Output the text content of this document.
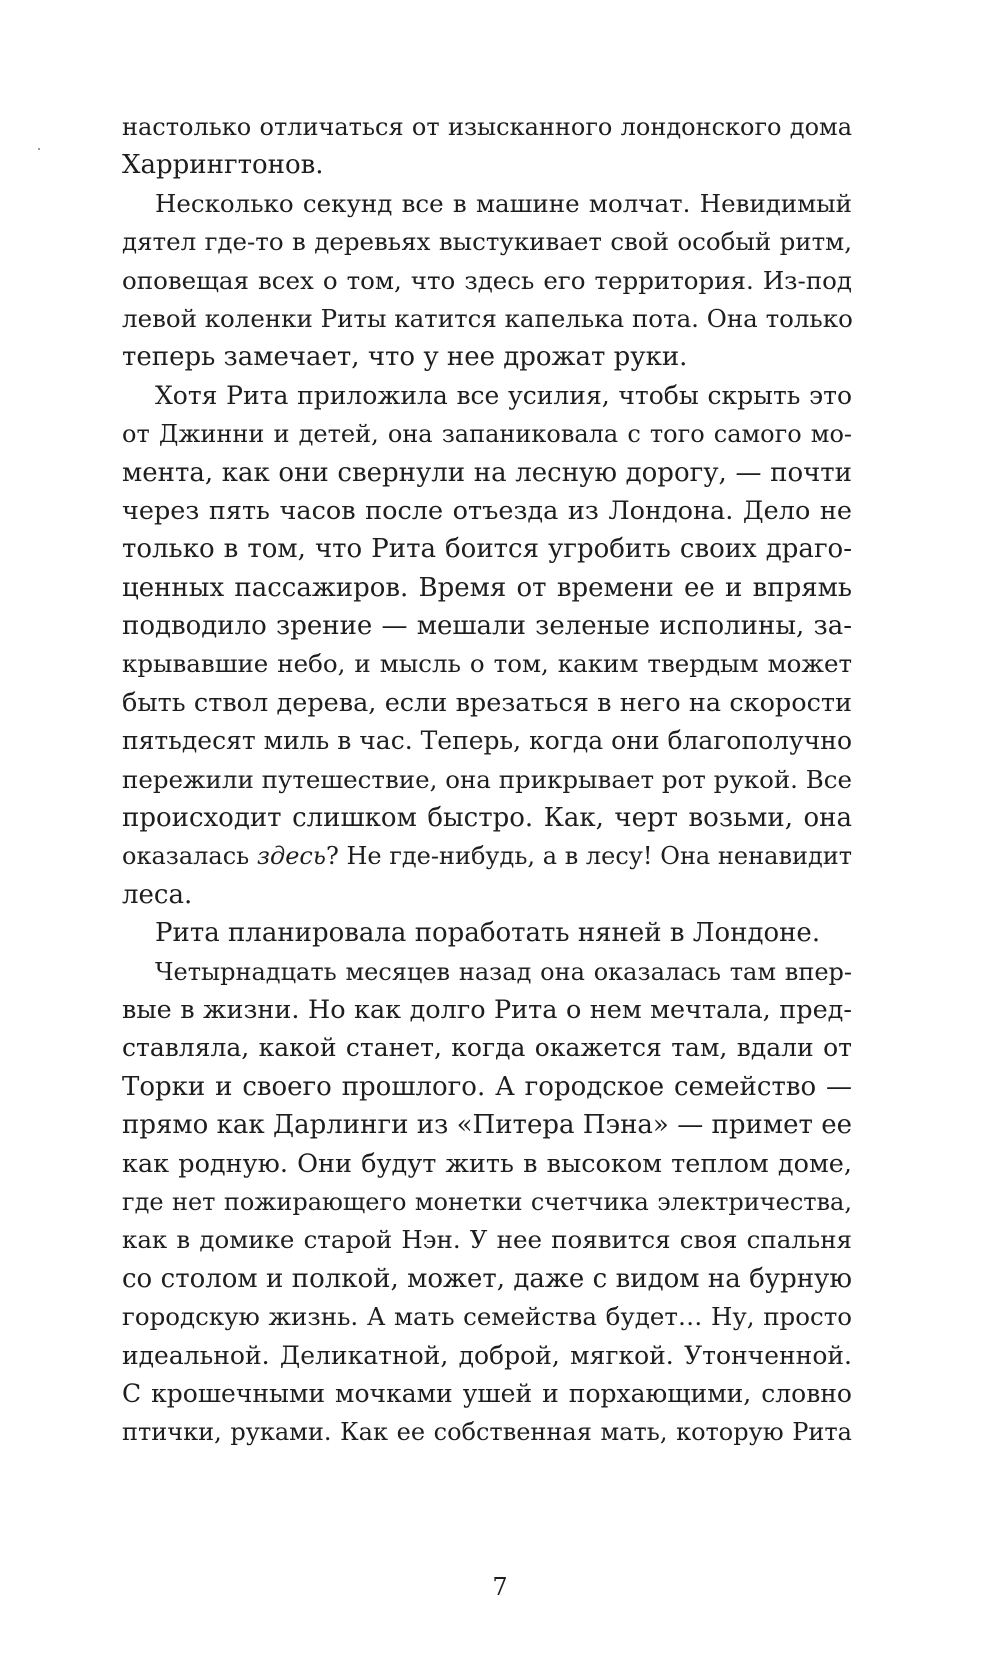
настолько отличаться от изысканного лондонского дома
Харрингтонов.
Несколько секунд все в машине молчат. Невидимый
дятел где-то в деревьях выстукивает свой особый ритм,
оповещая всех о том, что здесь его территория. Из-под
левой коленки Риты катится капелька пота. Она только
теперь замечает, что у нее дрожат руки.
Хотя Рита приложила все усилия, чтобы скрыть это
от Джинни и детей, она запаниковала с того самого мо-
мента, как они свернули на лесную дорогу, — почти
через пять часов после отъезда из Лондона. Дело не
только в том, что Рита боится угробить своих драго-
ценных пассажиров. Время от времени ее и впрямь
подводило зрение — мешали зеленые исполины, за-
крывавшие небо, и мысль о том, каким твердым может
быть ствол дерева, если врезаться в него на скорости
пятьдесят миль в час. Теперь, когда они благополучно
пережили путешествие, она прикрывает рот рукой. Все
происходит слишком быстро. Как, черт возьми, она
оказалась здесь? Не где-нибудь, а в лесу! Она ненавидит
леса.
Рита планировала поработать няней в Лондоне.
Четырнадцать месяцев назад она оказалась там впер-
вые в жизни. Но как долго Рита о нем мечтала, пред-
ставляла, какой станет, когда окажется там, вдали от
Торки и своего прошлого. А городское семейство —
прямо как Дарлинги из «Питера Пэна» — примет ее
как родную. Они будут жить в высоком теплом доме,
где нет пожирающего монетки счетчика электричества,
как в домике старой Нэн. У нее появится своя спальня
со столом и полкой, может, даже с видом на бурную
городскую жизнь. А мать семейства будет… Ну, просто
идеальной. Деликатной, доброй, мягкой. Утонченной.
С крошечными мочками ушей и порхающими, словно
птички, руками. Как ее собственная мать, которую Рита
7
